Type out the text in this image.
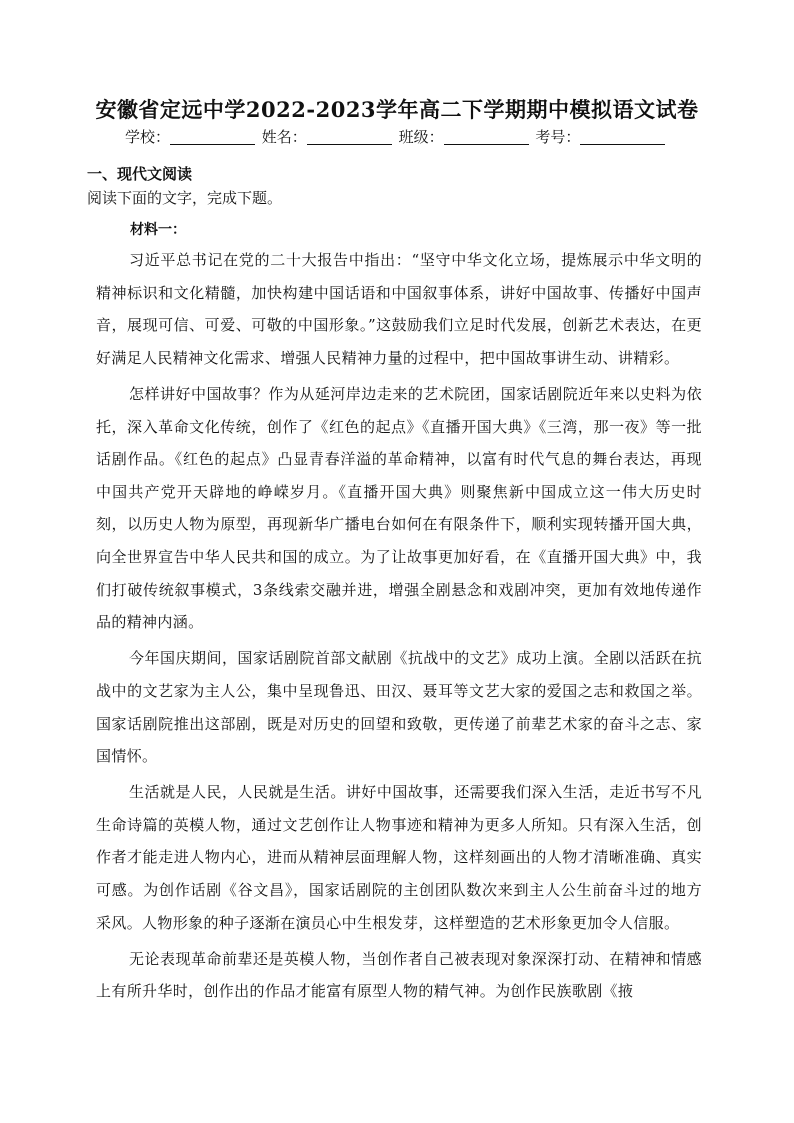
安徽省定远中学2022-2023学年高二下学期期中模拟语文试卷
学校：	姓名：	班级：	考号：
一、现代文阅读
阅读下面的文字，完成下题。
材料一：

习近平总书记在党的二十大报告中指出：“坚守中华文化立场，提炼展示中华文明的精神标识和文化精髓，加快构建中国话语和中国叙事体系，讲好中国故事、传播好中国声音，展现可信、可爱、可敬的中国形象。”这鼓励我们立足时代发展，创新艺术表达，在更好满足人民精神文化需求、增强人民精神力量的过程中，把中国故事讲生动、讲精彩。

怎样讲好中国故事？作为从延河岸边走来的艺术院团，国家话剧院近年来以史料为依托，深入革命文化传统，创作了《红色的起点》《直播开国大典》《三湾，那一夜》等一批话剧作品。《红色的起点》凸显青春洋溢的革命精神，以富有时代气息的舞台表达，再现中国共产党开天辟地的峥嵘岁月。《直播开国大典》则聚焦新中国成立这一伟大历史时刻，以历史人物为原型，再现新华广播电台如何在有限条件下，顺利实现转播开国大典，向全世界宣告中华人民共和国的成立。为了让故事更加好看，在《直播开国大典》中，我们打破传统叙事模式，3条线索交融并进，增强全剧悬念和戏剧冲突，更加有效地传递作品的精神内涵。

今年国庆期间，国家话剧院首部文献剧《抗战中的文艺》成功上演。全剧以活跃在抗战中的文艺家为主人公，集中呈现鲁迅、田汉、聂耳等文艺大家的爱国之志和救国之举。国家话剧院推出这部剧，既是对历史的回望和致敬，更传递了前辈艺术家的奋斗之志、家国情怀。

生活就是人民，人民就是生活。讲好中国故事，还需要我们深入生活，走近书写不凡生命诗篇的英模人物，通过文艺创作让人物事迹和精神为更多人所知。只有深入生活，创作者才能走进人物内心，进而从精神层面理解人物，这样刻画出的人物才清晰准确、真实可感。为创作话剧《谷文昌》，国家话剧院的主创团队数次来到主人公生前奋斗过的地方采风。人物形象的种子逐渐在演员心中生根发芽，这样塑造的艺术形象更加令人信服。

无论表现革命前辈还是英模人物，当创作者自己被表现对象深深打动、在精神和情感上有所升华时，创作出的作品才能富有原型人物的精气神。为创作民族歌剧《掖
